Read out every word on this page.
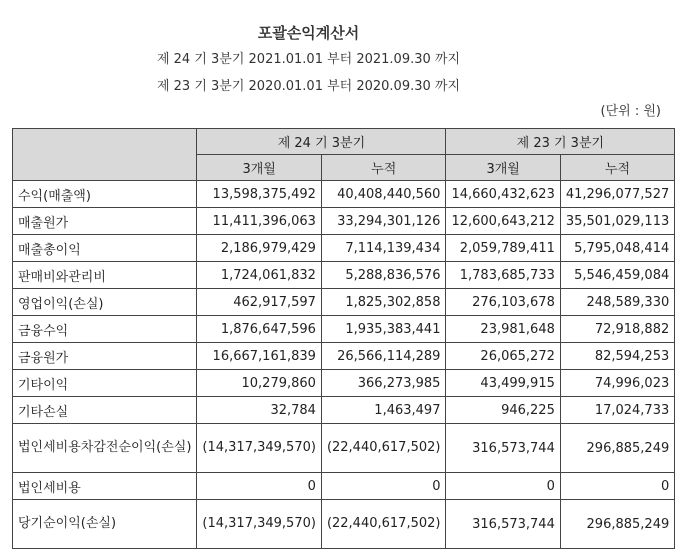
포괄손익계산서
제 24 기 3분기 2021.01.01 부터 2021.09.30 까지
제 23 기 3분기 2020.01.01 부터 2020.09.30 까지
(단위 : 원)
	제 24 기 3분기		제 23 기 3분기	
	3개월	누적	3개월	누적
수익(매출액)	13,598,375,492	40,408,440,560	14,660,432,623	41,296,077,527
매출원가	11,411,396,063	33,294,301,126	12,600,643,212	35,501,029,113
매출총이익	2,186,979,429	7,114,139,434	2,059,789,411	5,795,048,414
판매비와관리비	1,724,061,832	5,288,836,576	1,783,685,733	5,546,459,084
영업이익(손실)	462,917,597	1,825,302,858	276,103,678	248,589,330
금융수익	1,876,647,596	1,935,383,441	23,981,648	72,918,882
금융원가	16,667,161,839	26,566,114,289	26,065,272	82,594,253
기타이익	10,279,860	366,273,985	43,499,915	74,996,023
기타손실	32,784	1,463,497	946,225	17,024,733
법인세비용차감전순이익(손실)	(14,317,349,570)	(22,440,617,502)	316,573,744	296,885,249
법인세비용	0	0	0	0
당기순이익(손실)	(14,317,349,570)	(22,440,617,502)	316,573,744	296,885,249
